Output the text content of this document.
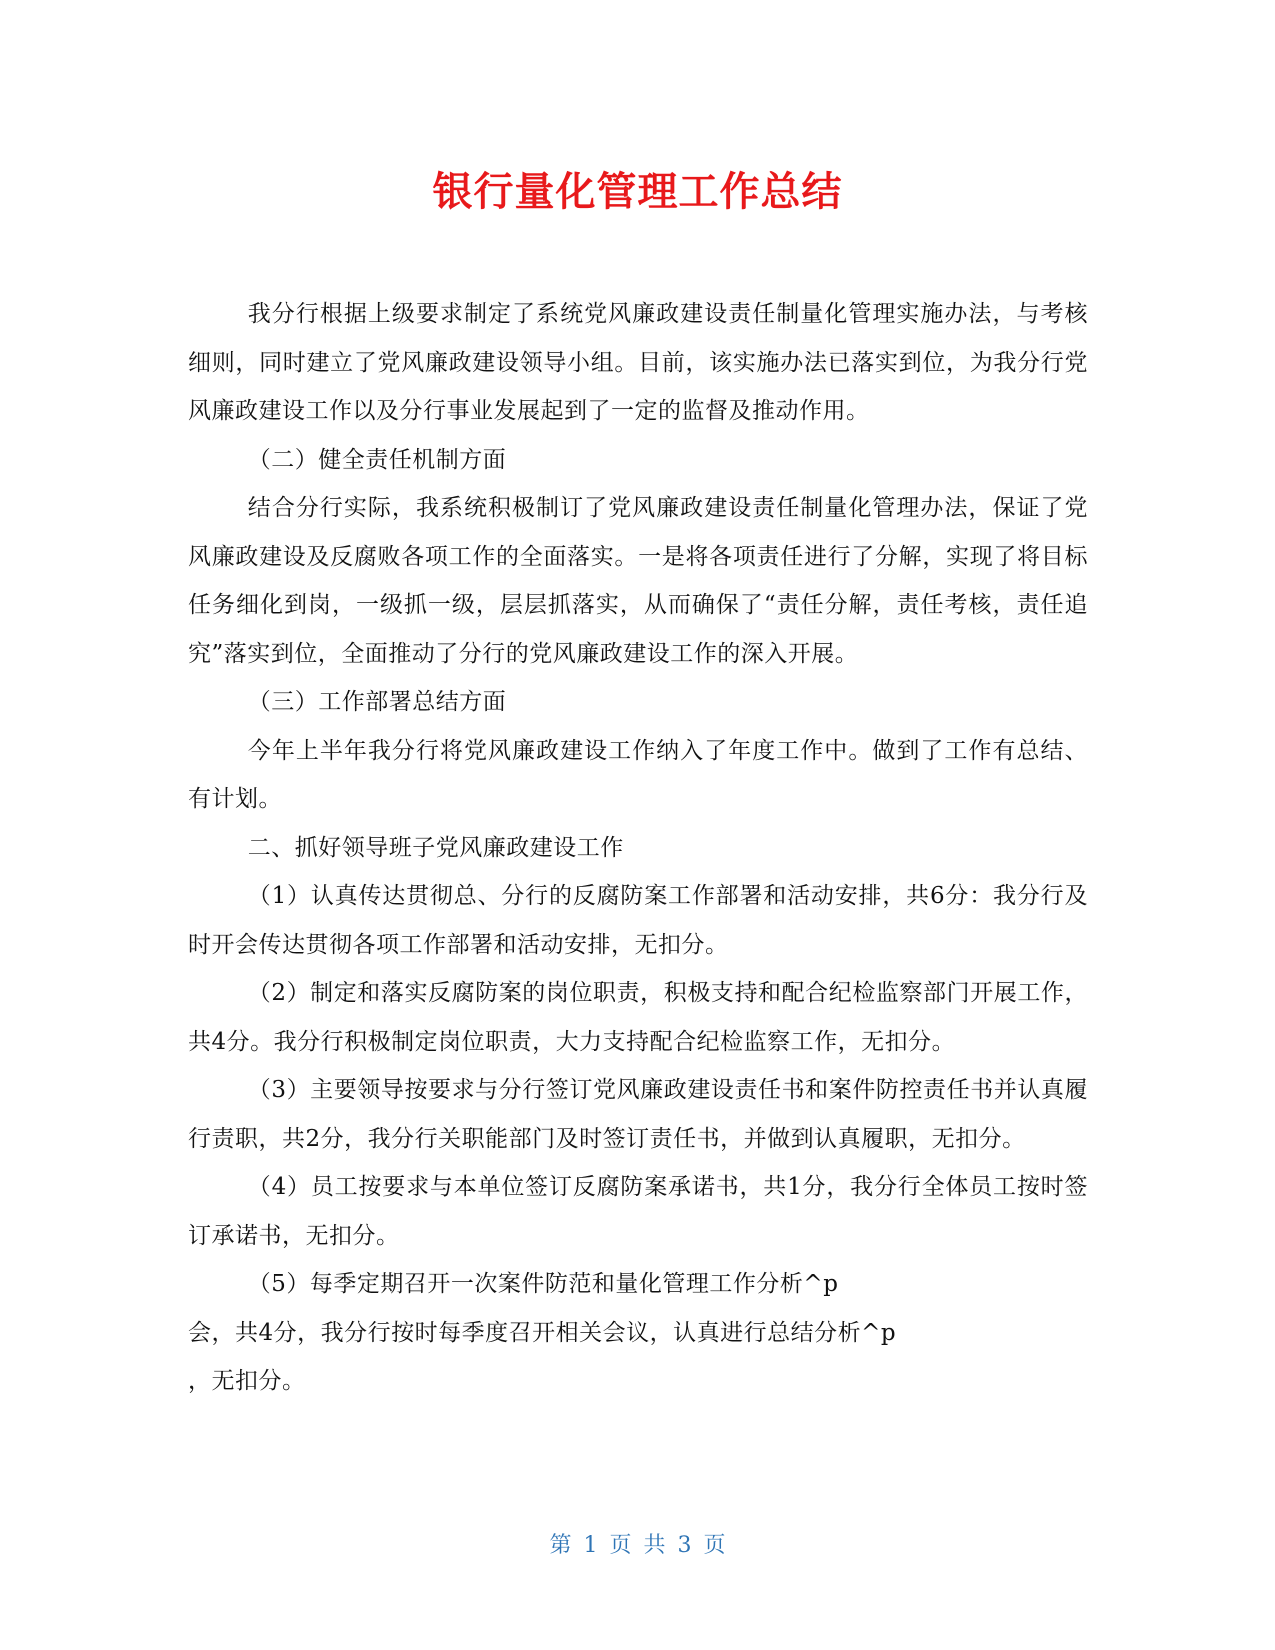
银行量化管理工作总结

我分行根据上级要求制定了系统党风廉政建设责任制量化管理实施办法，与考核细则，同时建立了党风廉政建设领导小组。目前，该实施办法已落实到位，为我分行党风廉政建设工作以及分行事业发展起到了一定的监督及推动作用。

（二）健全责任机制方面

结合分行实际，我系统积极制订了党风廉政建设责任制量化管理办法，保证了党风廉政建设及反腐败各项工作的全面落实。一是将各项责任进行了分解，实现了将目标任务细化到岗，一级抓一级，层层抓落实，从而确保了“责任分解，责任考核，责任追究”落实到位，全面推动了分行的党风廉政建设工作的深入开展。

（三）工作部署总结方面

今年上半年我分行将党风廉政建设工作纳入了年度工作中。做到了工作有总结、有计划。

二、抓好领导班子党风廉政建设工作

（1）认真传达贯彻总、分行的反腐防案工作部署和活动安排，共6分：我分行及时开会传达贯彻各项工作部署和活动安排，无扣分。

（2）制定和落实反腐防案的岗位职责，积极支持和配合纪检监察部门开展工作，共4分。我分行积极制定岗位职责，大力支持配合纪检监察工作，无扣分。

（3）主要领导按要求与分行签订党风廉政建设责任书和案件防控责任书并认真履行责职，共2分，我分行关职能部门及时签订责任书，并做到认真履职，无扣分。

（4）员工按要求与本单位签订反腐防案承诺书，共1分，我分行全体员工按时签订承诺书，无扣分。

（5）每季定期召开一次案件防范和量化管理工作分析^p

会，共4分，我分行按时每季度召开相关会议，认真进行总结分析^p

，无扣分。

第 1 页 共 3 页
